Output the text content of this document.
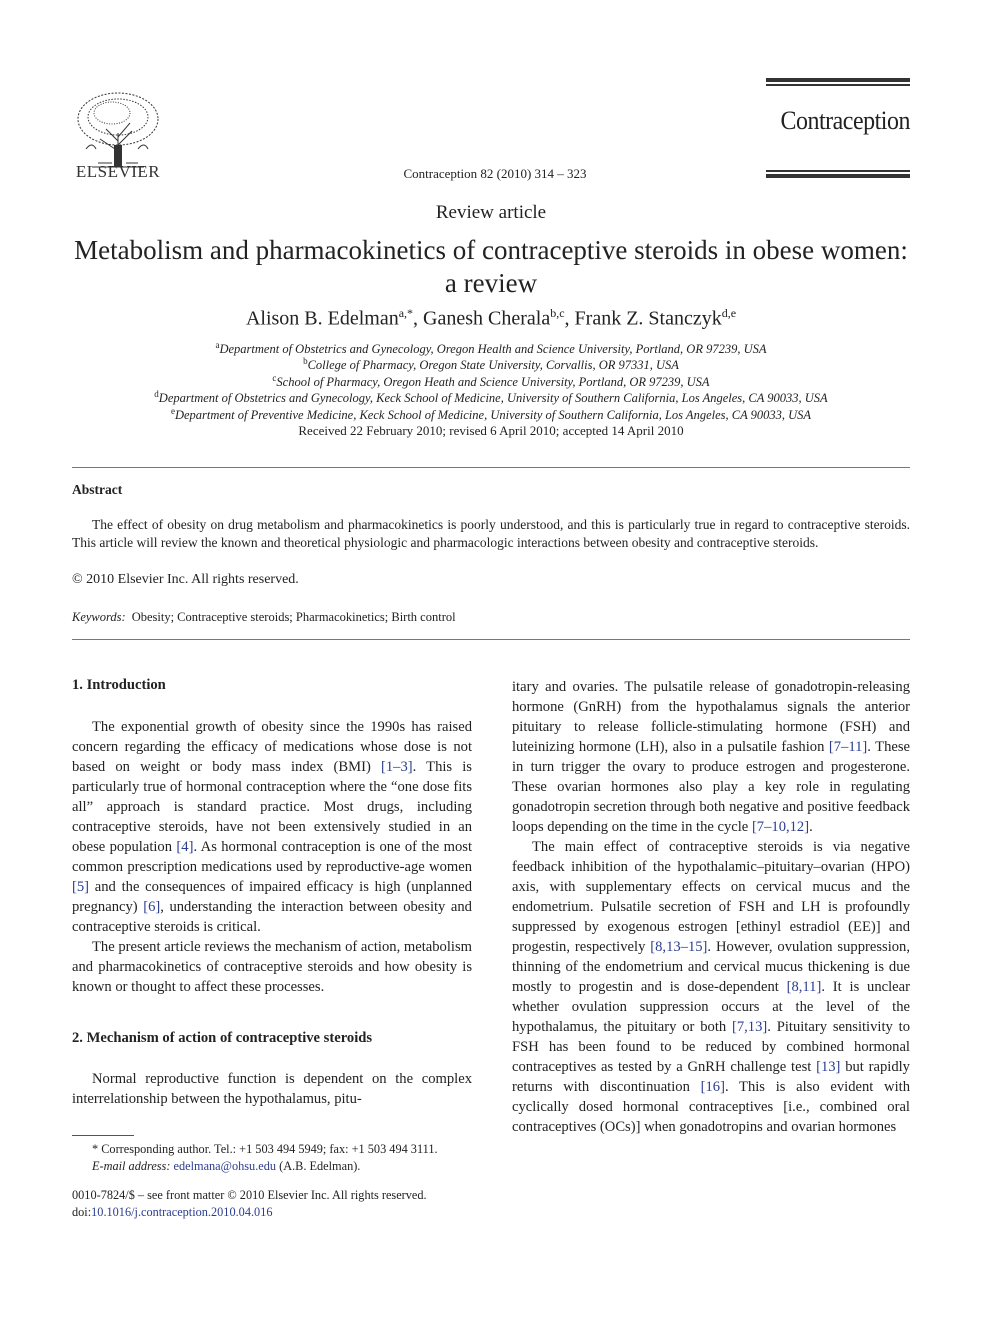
ELSEVIER	Contraception 82 (2010) 314 – 323
Contraception
Review article
Metabolism and pharmacokinetics of contraceptive steroids in obese women: a review
Alison B. Edelman$^{a,*}$, Ganesh Cherala$^{b,c}$, Frank Z. Stanczyk$^{d,e}$
$^a$Department of Obstetrics and Gynecology, Oregon Health and Science University, Portland, OR 97239, USA
$^b$College of Pharmacy, Oregon State University, Corvallis, OR 97331, USA
$^c$School of Pharmacy, Oregon Heath and Science University, Portland, OR 97239, USA
$^d$Department of Obstetrics and Gynecology, Keck School of Medicine, University of Southern California, Los Angeles, CA 90033, USA
$^e$Department of Preventive Medicine, Keck School of Medicine, University of Southern California, Los Angeles, CA 90033, USA
Received 22 February 2010; revised 6 April 2010; accepted 14 April 2010
Abstract

The effect of obesity on drug metabolism and pharmacokinetics is poorly understood, and this is particularly true in regard to contraceptive steroids. This article will review the known and theoretical physiologic and pharmacologic interactions between obesity and contraceptive steroids.

© 2010 Elsevier Inc. All rights reserved.
Keywords: Obesity; Contraceptive steroids; Pharmacokinetics; Birth control
1. Introduction

The exponential growth of obesity since the 1990s has raised concern regarding the efficacy of medications whose dose is not based on weight or body mass index (BMI) [1–3]. This is particularly true of hormonal contraception where the “one dose fits all” approach is standard practice. Most drugs, including contraceptive steroids, have not been extensively studied in an obese population [4]. As hormonal contraception is one of the most common prescription medications used by reproductive-age women [5] and the consequences of impaired efficacy is high (unplanned pregnancy) [6], understanding the interaction between obesity and contraceptive steroids is critical.

The present article reviews the mechanism of action, metabolism and pharmacokinetics of contraceptive steroids and how obesity is known or thought to affect these processes.

2. Mechanism of action of contraceptive steroids

Normal reproductive function is dependent on the complex interrelationship between the hypothalamus, pitu-

* Corresponding author. Tel.: +1 503 494 5949; fax: +1 503 494 3111.
E-mail address: edelmana@ohsu.edu (A.B. Edelman).
0010-7824/$ – see front matter © 2010 Elsevier Inc. All rights reserved.
doi:10.1016/j.contraception.2010.04.016

itary and ovaries. The pulsatile release of gonadotropin-releasing hormone (GnRH) from the hypothalamus signals the anterior pituitary to release follicle-stimulating hormone (FSH) and luteinizing hormone (LH), also in a pulsatile fashion [7–11]. These in turn trigger the ovary to produce estrogen and progesterone. These ovarian hormones also play a key role in regulating gonadotropin secretion through both negative and positive feedback loops depending on the time in the cycle [7–10,12].

The main effect of contraceptive steroids is via negative feedback inhibition of the hypothalamic–pituitary–ovarian (HPO) axis, with supplementary effects on cervical mucus and the endometrium. Pulsatile secretion of FSH and LH is profoundly suppressed by exogenous estrogen [ethinyl estradiol (EE)] and progestin, respectively [8,13–15]. However, ovulation suppression, thinning of the endometrium and cervical mucus thickening is due mostly to progestin and is dose-dependent [8,11]. It is unclear whether ovulation suppression occurs at the level of the hypothalamus, the pituitary or both [7,13]. Pituitary sensitivity to FSH has been found to be reduced by combined hormonal contraceptives as tested by a GnRH challenge test [13] but rapidly returns with discontinuation [16]. This is also evident with cyclically dosed hormonal contraceptives [i.e., combined oral contraceptives (OCs)] when gonadotropins and ovarian hormones
